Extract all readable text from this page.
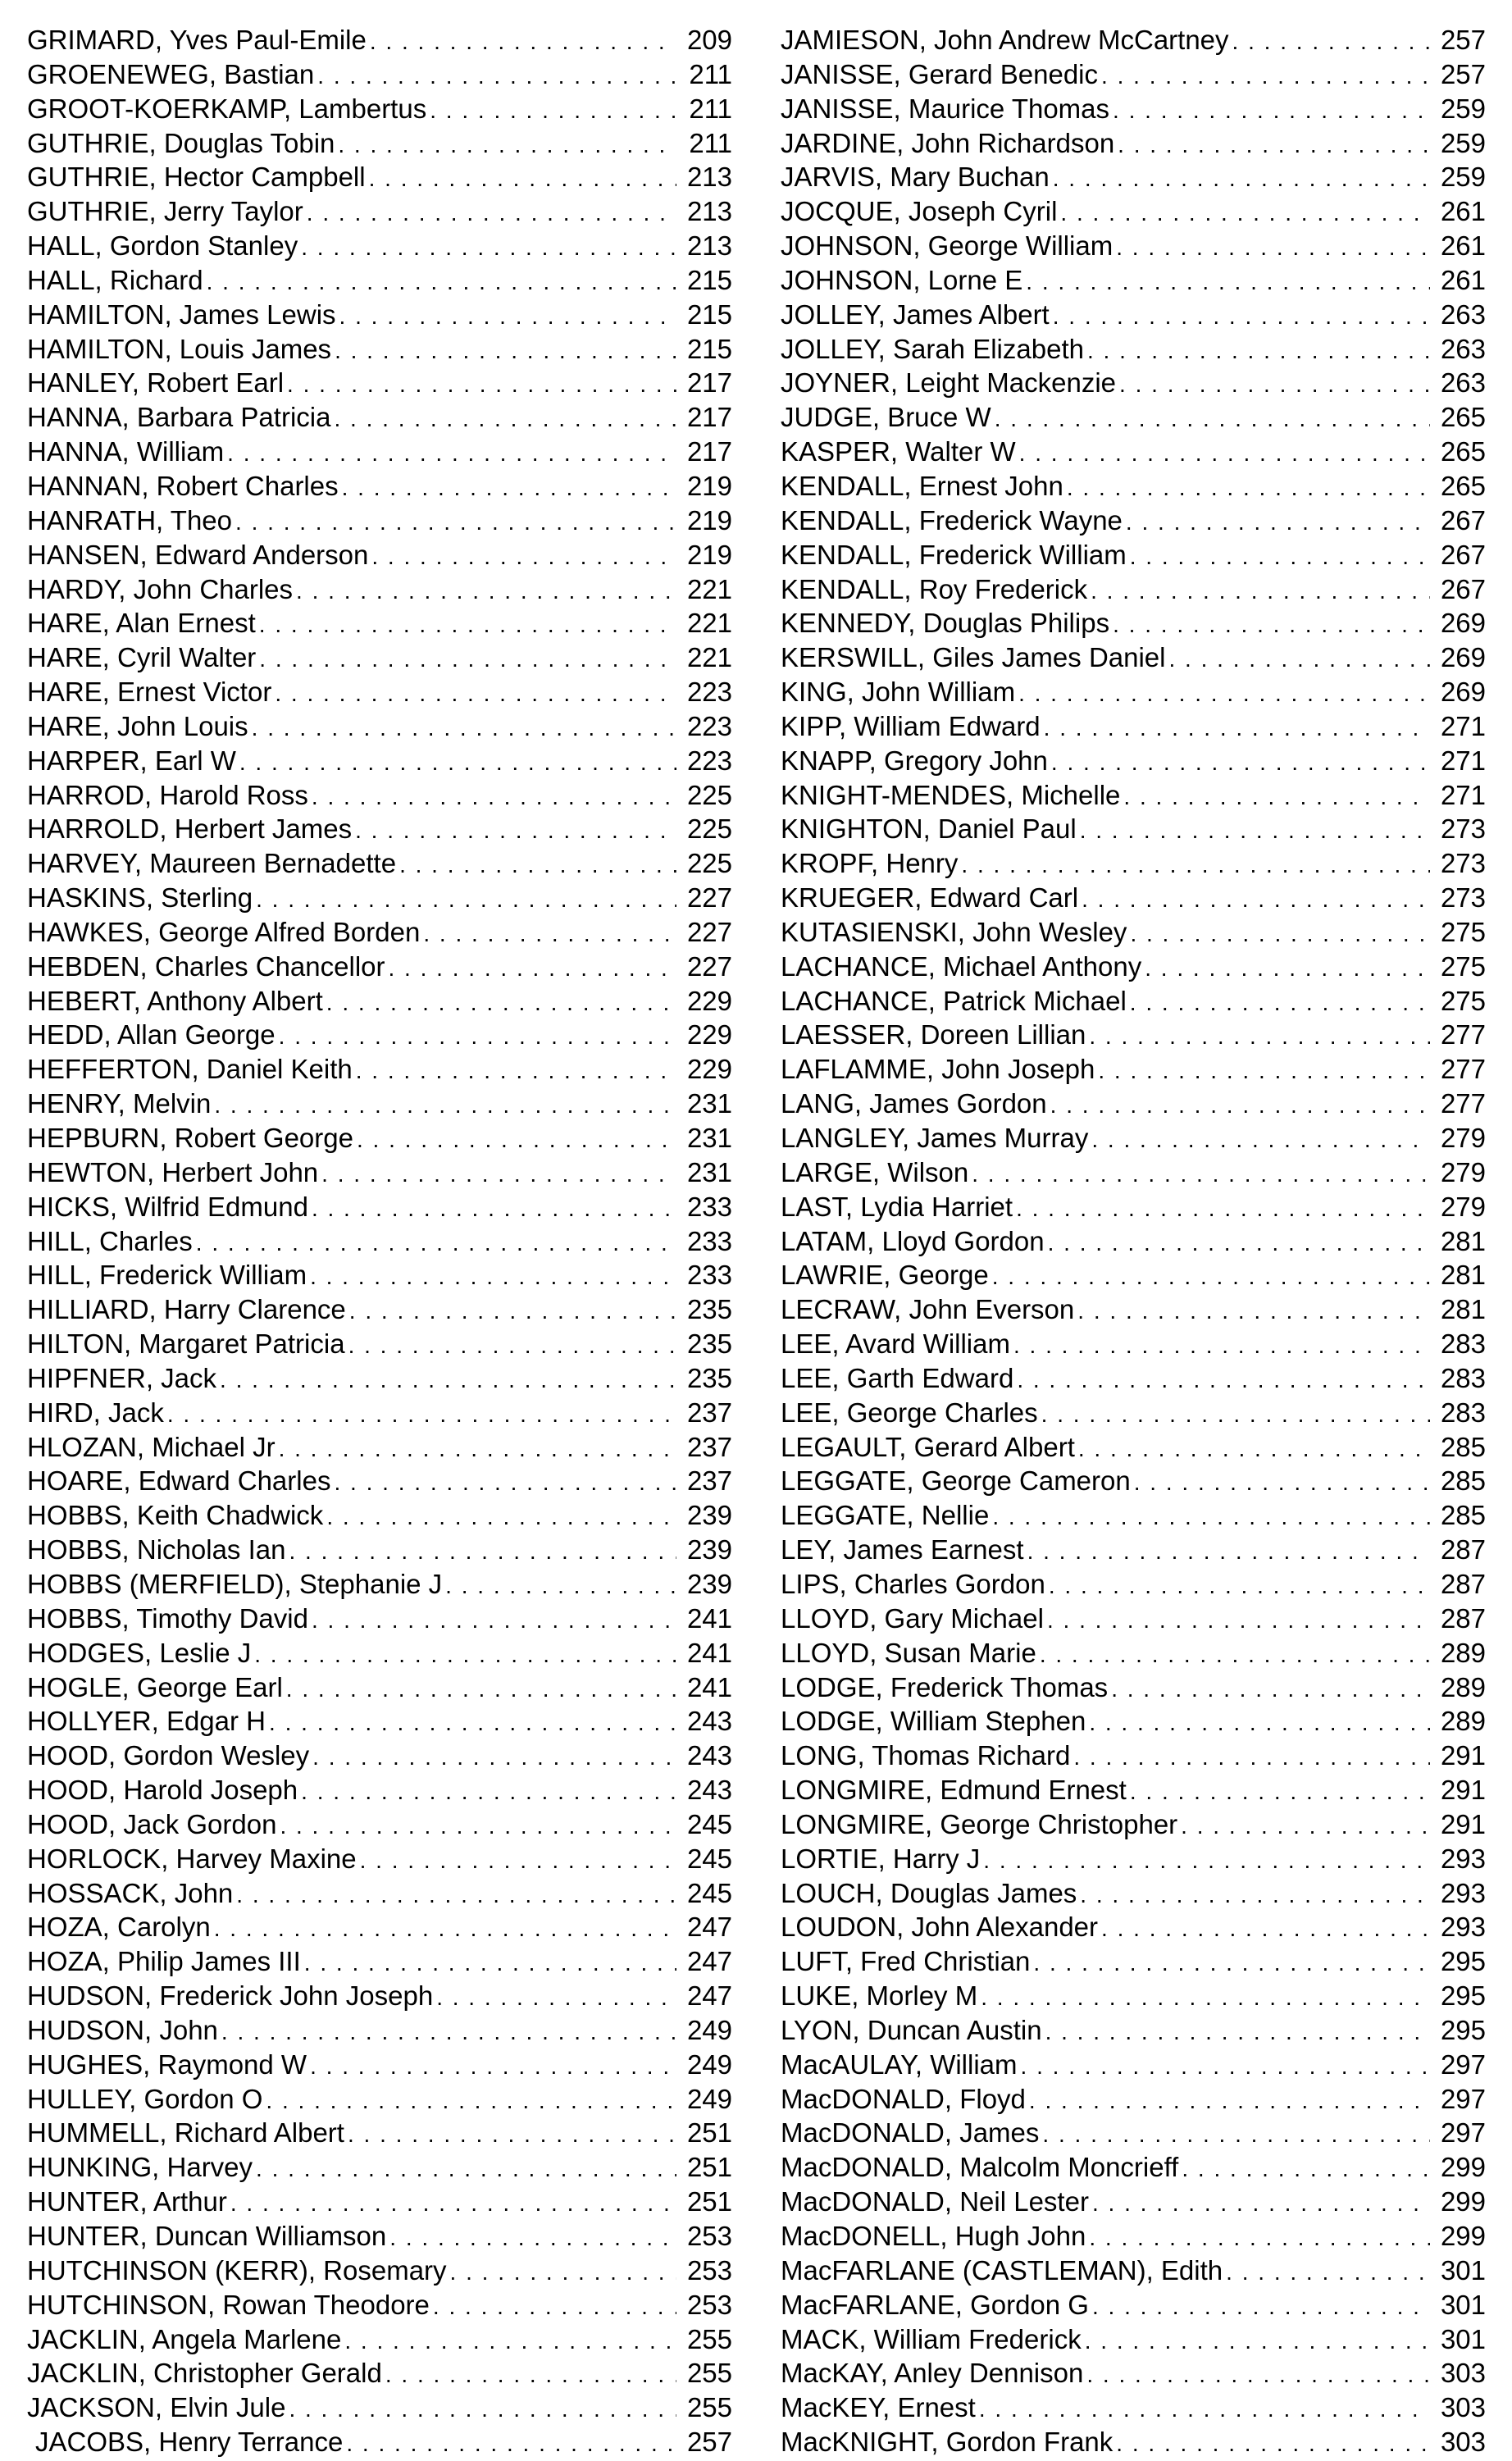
GRIMARD, Yves Paul-Emile . . .	209
GROENEWEG, Bastian . . .	211
GROOT-KOERKAMP, Lambertus . . .	211
GUTHRIE, Douglas Tobin . . .	211
GUTHRIE, Hector Campbell . . .	213
GUTHRIE, Jerry Taylor . . .	213
HALL, Gordon Stanley . . .	213
HALL, Richard . . .	215
HAMILTON, James Lewis . . .	215
HAMILTON, Louis James . . .	215
HANLEY, Robert Earl . . .	217
HANNA, Barbara Patricia . . .	217
HANNA, William . . .	217
HANNAN, Robert Charles . . .	219
HANRATH, Theo . . .	219
HANSEN, Edward Anderson . . .	219
HARDY, John Charles . . .	221
HARE, Alan Ernest . . .	221
HARE, Cyril Walter . . .	221
HARE, Ernest Victor . . .	223
HARE, John Louis . . .	223
HARPER, Earl W . . .	223
HARROD, Harold Ross . . .	225
HARROLD, Herbert James . . .	225
HARVEY, Maureen Bernadette . . .	225
HASKINS, Sterling . . .	227
HAWKES, George Alfred Borden . . .	227
HEBDEN, Charles Chancellor . . .	227
HEBERT, Anthony Albert . . .	229
HEDD, Allan George . . .	229
HEFFERTON, Daniel Keith . . .	229
HENRY, Melvin . . .	231
HEPBURN, Robert George . . .	231
HEWTON, Herbert John . . .	231
HICKS, Wilfrid Edmund . . .	233
HILL, Charles . . .	233
HILL, Frederick William . . .	233
HILLIARD, Harry Clarence . . .	235
HILTON, Margaret Patricia . . .	235
HIPFNER, Jack . . .	235
HIRD, Jack . . .	237
HLOZAN, Michael Jr . . .	237
HOARE, Edward Charles . . .	237
HOBBS, Keith Chadwick . . .	239
HOBBS, Nicholas Ian . . .	239
HOBBS (MERFIELD), Stephanie J . . .	239
HOBBS, Timothy David . . .	241
HODGES, Leslie J . . .	241
HOGLE, George Earl . . .	241
HOLLYER, Edgar H . . .	243
HOOD, Gordon Wesley . . .	243
HOOD, Harold Joseph . . .	243
HOOD, Jack Gordon . . .	245
HORLOCK, Harvey Maxine . . .	245
HOSSACK, John . . .	245
HOZA, Carolyn . . .	247
HOZA, Philip James III . . .	247
HUDSON, Frederick John Joseph . . .	247
HUDSON, John . . .	249
HUGHES, Raymond W . . .	249
HULLEY, Gordon O . . .	249
HUMMELL, Richard Albert . . .	251
HUNKING, Harvey . . .	251
HUNTER, Arthur . . .	251
HUNTER, Duncan Williamson . . .	253
HUTCHINSON (KERR), Rosemary . . .	253
HUTCHINSON, Rowan Theodore . . .	253
JACKLIN, Angela Marlene . . .	255
JACKLIN, Christopher Gerald . . .	255
JACKSON, Elvin Jule . . .	255
JACOBS, Henry Terrance . . .	257
JAMIESON, John Andrew McCartney . . .	257
JANISSE, Gerard Benedic . . .	257
JANISSE, Maurice Thomas . . .	259
JARDINE, John Richardson . . .	259
JARVIS, Mary Buchan . . .	259
JOCQUE, Joseph Cyril . . .	261
JOHNSON, George William . . .	261
JOHNSON, Lorne E . . .	261
JOLLEY, James Albert . . .	263
JOLLEY, Sarah Elizabeth . . .	263
JOYNER, Leight Mackenzie . . .	263
JUDGE, Bruce W . . .	265
KASPER, Walter W . . .	265
KENDALL, Ernest John . . .	265
KENDALL, Frederick Wayne . . .	267
KENDALL, Frederick William . . .	267
KENDALL, Roy Frederick . . .	267
KENNEDY, Douglas Philips . . .	269
KERSWILL, Giles James Daniel . . .	269
KING, John William . . .	269
KIPP, William Edward . . .	271
KNAPP, Gregory John . . .	271
KNIGHT-MENDES, Michelle . . .	271
KNIGHTON, Daniel Paul . . .	273
KROPF, Henry . . .	273
KRUEGER, Edward Carl . . .	273
KUTASIENSKI, John Wesley . . .	275
LACHANCE, Michael Anthony . . .	275
LACHANCE, Patrick Michael . . .	275
LAESSER, Doreen Lillian . . .	277
LAFLAMME, John Joseph . . .	277
LANG, James Gordon . . .	277
LANGLEY, James Murray . . .	279
LARGE, Wilson . . .	279
LAST, Lydia Harriet . . .	279
LATAM, Lloyd Gordon . . .	281
LAWRIE, George . . .	281
LECRAW, John Everson . . .	281
LEE, Avard William . . .	283
LEE, Garth Edward . . .	283
LEE, George Charles . . .	283
LEGAULT, Gerard Albert . . .	285
LEGGATE, George Cameron . . .	285
LEGGATE, Nellie . . .	285
LEY, James Earnest . . .	287
LIPS, Charles Gordon . . .	287
LLOYD, Gary Michael . . .	287
LLOYD, Susan Marie . . .	289
LODGE, Frederick Thomas . . .	289
LODGE, William Stephen . . .	289
LONG, Thomas Richard . . .	291
LONGMIRE, Edmund Ernest . . .	291
LONGMIRE, George Christopher . . .	291
LORTIE, Harry J . . .	293
LOUCH, Douglas James . . .	293
LOUDON, John Alexander . . .	293
LUFT, Fred Christian . . .	295
LUKE, Morley M . . .	295
LYON, Duncan Austin . . .	295
MacAULAY, William . . .	297
MacDONALD, Floyd . . .	297
MacDONALD, James . . .	297
MacDONALD, Malcolm Moncrieff . . .	299
MacDONALD, Neil Lester . . .	299
MacDONELL, Hugh John . . .	299
MacFARLANE (CASTLEMAN), Edith . . .	301
MacFARLANE, Gordon G . . .	301
MACK, William Frederick . . .	301
MacKAY, Anley Dennison . . .	303
MacKEY, Ernest . . .	303
MacKNIGHT, Gordon Frank . . .	303
